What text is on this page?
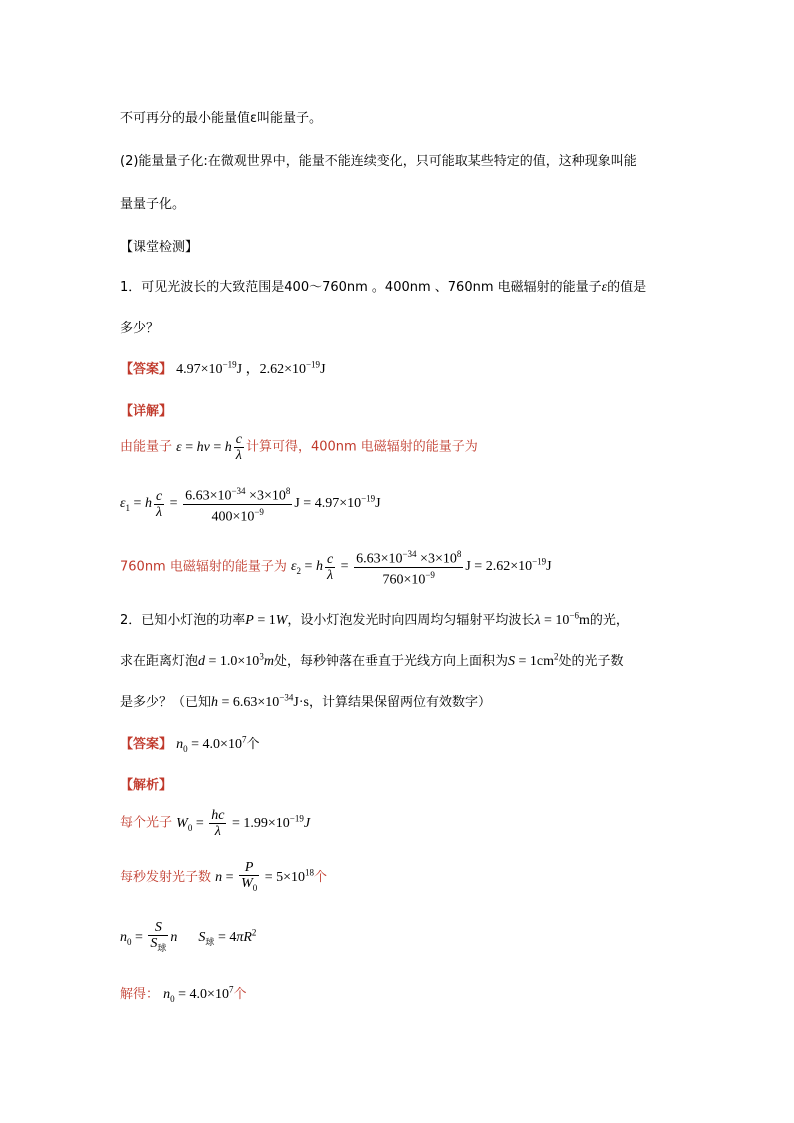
不可再分的最小能量值ε叫能量子。
(2)能量量子化:在微观世界中，能量不能连续变化，只可能取某些特定的值，这种现象叫能
量量子化。
【课堂检测】
1．可见光波长的大致范围是400～760nm 。400nm 、760nm 电磁辐射的能量子ε的值是
多少？
【答案】 $4.97\times 10^{-19}J$ ，$2.62\times 10^{-19}J$
【详解】
由能量子 ε = hν = h $\frac{c}{\lambda}$ 计算可得，400nm 电磁辐射的能量子为
$\varepsilon_1 = h \frac{c}{\lambda} = \frac{6.63\times 10^{-34} \times 3\times 10^8}{400\times 10^{-9}}$ $J = 4.97\times 10^{-19}J$
760nm 电磁辐射的能量子为 $\varepsilon_2 = h \frac{c}{\lambda} = \frac{6.63\times 10^{-34} \times 3\times 10^8}{760\times 10^{-9}}$ $J = 2.62\times 10^{-19}J$
2．已知小灯泡的功率P = 1W，设小灯泡发光时向四周均匀辐射平均波长$\lambda = 10^{-6}m$的光，
求在距离灯泡$d = 1.0\times 10^3m$处，每秒钟落在垂直于光线方向上面积为$S = 1cm^2$处的光子数
是多少？（已知$h = 6.63\times 10^{-34}J\cdot s$，计算结果保留两位有效数字）
【答案】 $n_0 = 4.0\times 10^7$个
【解析】
每个光子 $W_0 = \frac{hc}{\lambda} = 1.99\times 10^{-19}J$
每秒发射光子数 $n = \frac{P}{W_0} = 5\times 10^{18}$个
$n_0 = \frac{S}{S_球}$ n $S_球 = 4\pi R^2$
解得： $n_0 = 4.0\times 10^7$个
